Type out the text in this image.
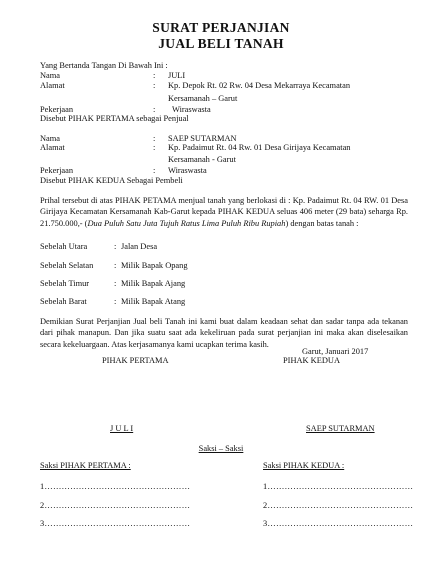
SURAT PERJANJIAN
JUAL BELI TANAH
Yang Bertanda Tangan Di Bawah Ini :
Nama	: JULI
Alamat	: Kp. Depok Rt. 02 Rw. 04 Desa Mekarraya Kecamatan
Kersamanah – Garut
Pekerjaan	: Wiraswasta
Disebut PIHAK PERTAMA sebagai Penjual
Nama	: SAEP SUTARMAN
Alamat	: Kp. Padaimut Rt. 04 Rw. 01 Desa Girijaya Kecamatan
Kersamanah - Garut
Pekerjaan	: Wiraswasta
Disebut PIHAK KEDUA Sebagai Pembeli
Prihal tersebut di atas PIHAK PETAMA menjual tanah yang berlokasi di : Kp. Padaimut Rt. 04 RW. 01 Desa Girijaya Kecamatan Kersamanah Kab-Garut kepada PIHAK KEDUA seluas 406 meter (29 bata) seharga Rp. 21.750.000,- (Dua Puluh Satu Juta Tujuh Ratus Lima Puluh Ribu Rupiah) dengan batas tanah :
Sebelah Utara	: Jalan Desa
Sebelah Selatan : Milik Bapak Opang
Sebelah Timur	: Milik Bapak Ajang
Sebelah Barat	: Milik Bapak Atang
Demikian Surat Perjanjian Jual beli Tanah ini kami buat dalam keadaan sehat dan sadar tanpa ada tekanan dari pihak manapun. Dan jika suatu saat ada kekeliruan pada surat perjanjian ini maka akan diselesaikan secara kekeluargaan. Atas kerjasamanya kami ucapkan terima kasih.
Garut, Januari 2017
PIHAK PERTAMA	PIHAK KEDUA
J U L I	SAEP SUTARMAN
Saksi – Saksi
Saksi PIHAK PERTAMA :	Saksi PIHAK KEDUA :
1……………………………………………
2……………………………………………
3……………………………………………
1……………………………………………
2……………………………………………
3……………………………………………
